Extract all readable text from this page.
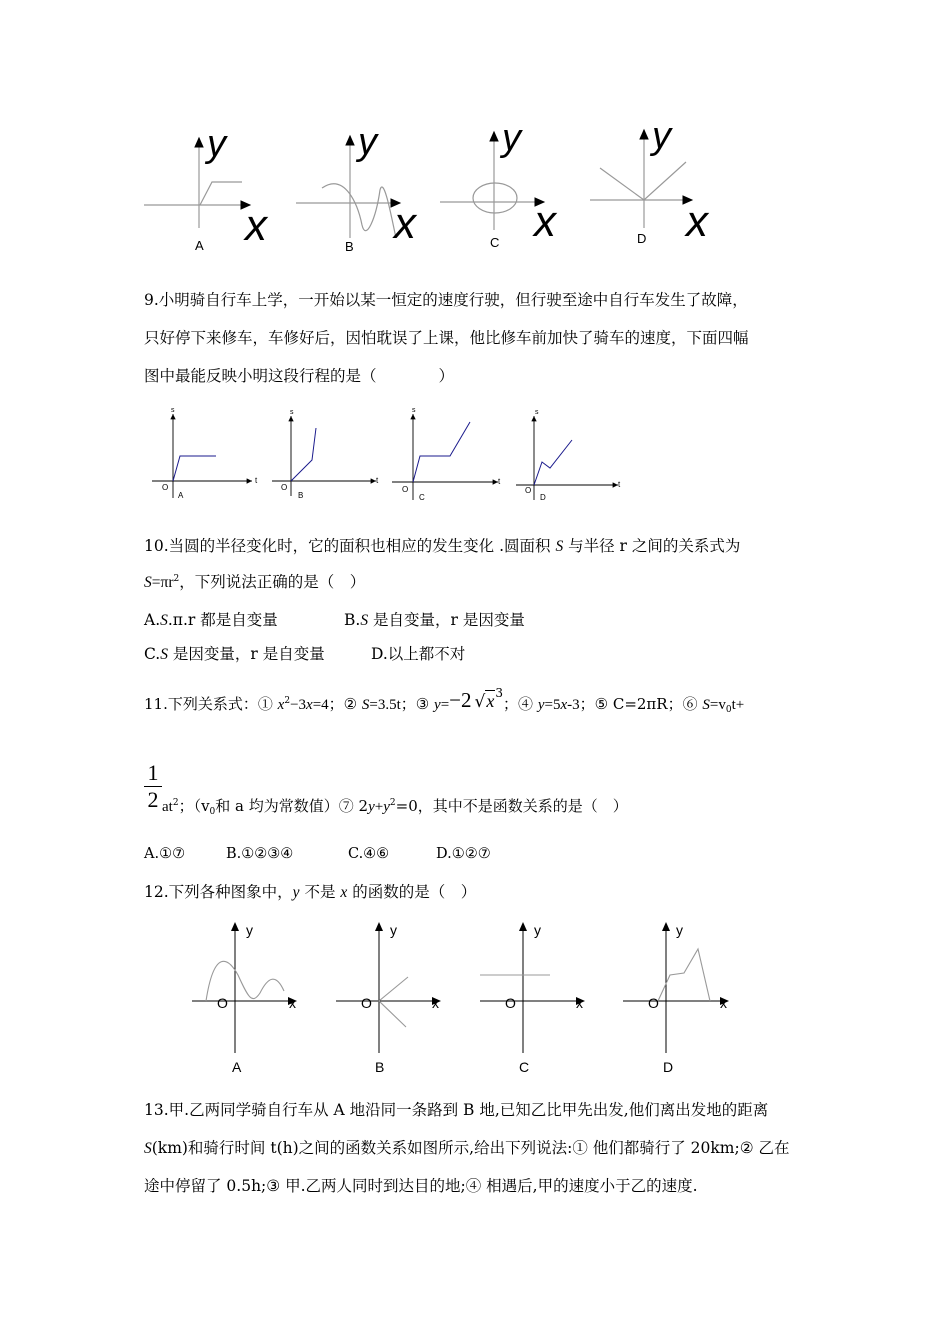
y
x
A
y
x
B
y
x
C
y
x
D
9.小明骑自行车上学，一开始以某一恒定的速度行驶，但行驶至途中自行车发生了故障，
只好停下来修车，车修好后，因怕耽误了上课，他比修车前加快了骑车的速度，下面四幅
图中最能反映小明这段行程的是（　　　　）
s
t
O
A
s
t
O
B
s
t
O
C
s
t
O
D
10.当圆的半径变化时，它的面积也相应的发生变化 .圆面积 S 与半径 r 之间的关系式为
$S=\pi r^2$，下列说法正确的是（　）
A.S.π.r 都是自变量	B.S 是自变量，r 是因变量
C.S 是因变量，r 是自变量	D.以上都不对
11.下列关系式：① $x^2-3x=4$；② S=3.5t；③ y=−2 $√x^3$；④ y=5x-3；⑤ C=2πR；⑥ $S=v_0t+$
1
2 $at^2$；（$v_0$和 a 均为常数值）⑦ $2y+y^2=0$，其中不是函数关系的是（　）
A.①⑦	B.①②③④	C.④⑥	D.①②⑦
12.下列各种图象中，y 不是 x 的函数的是（　）
y
x
O
A
y
x
O
B
y
x
O
C
y
x
O
D
13.甲.乙两同学骑自行车从 A 地沿同一条路到 B 地,已知乙比甲先出发,他们离出发地的距离
S(km)和骑行时间 t(h)之间的函数关系如图所示,给出下列说法:① 他们都骑行了 20km;② 乙在
途中停留了 0.5h;③ 甲.乙两人同时到达目的地;④ 相遇后,甲的速度小于乙的速度.
